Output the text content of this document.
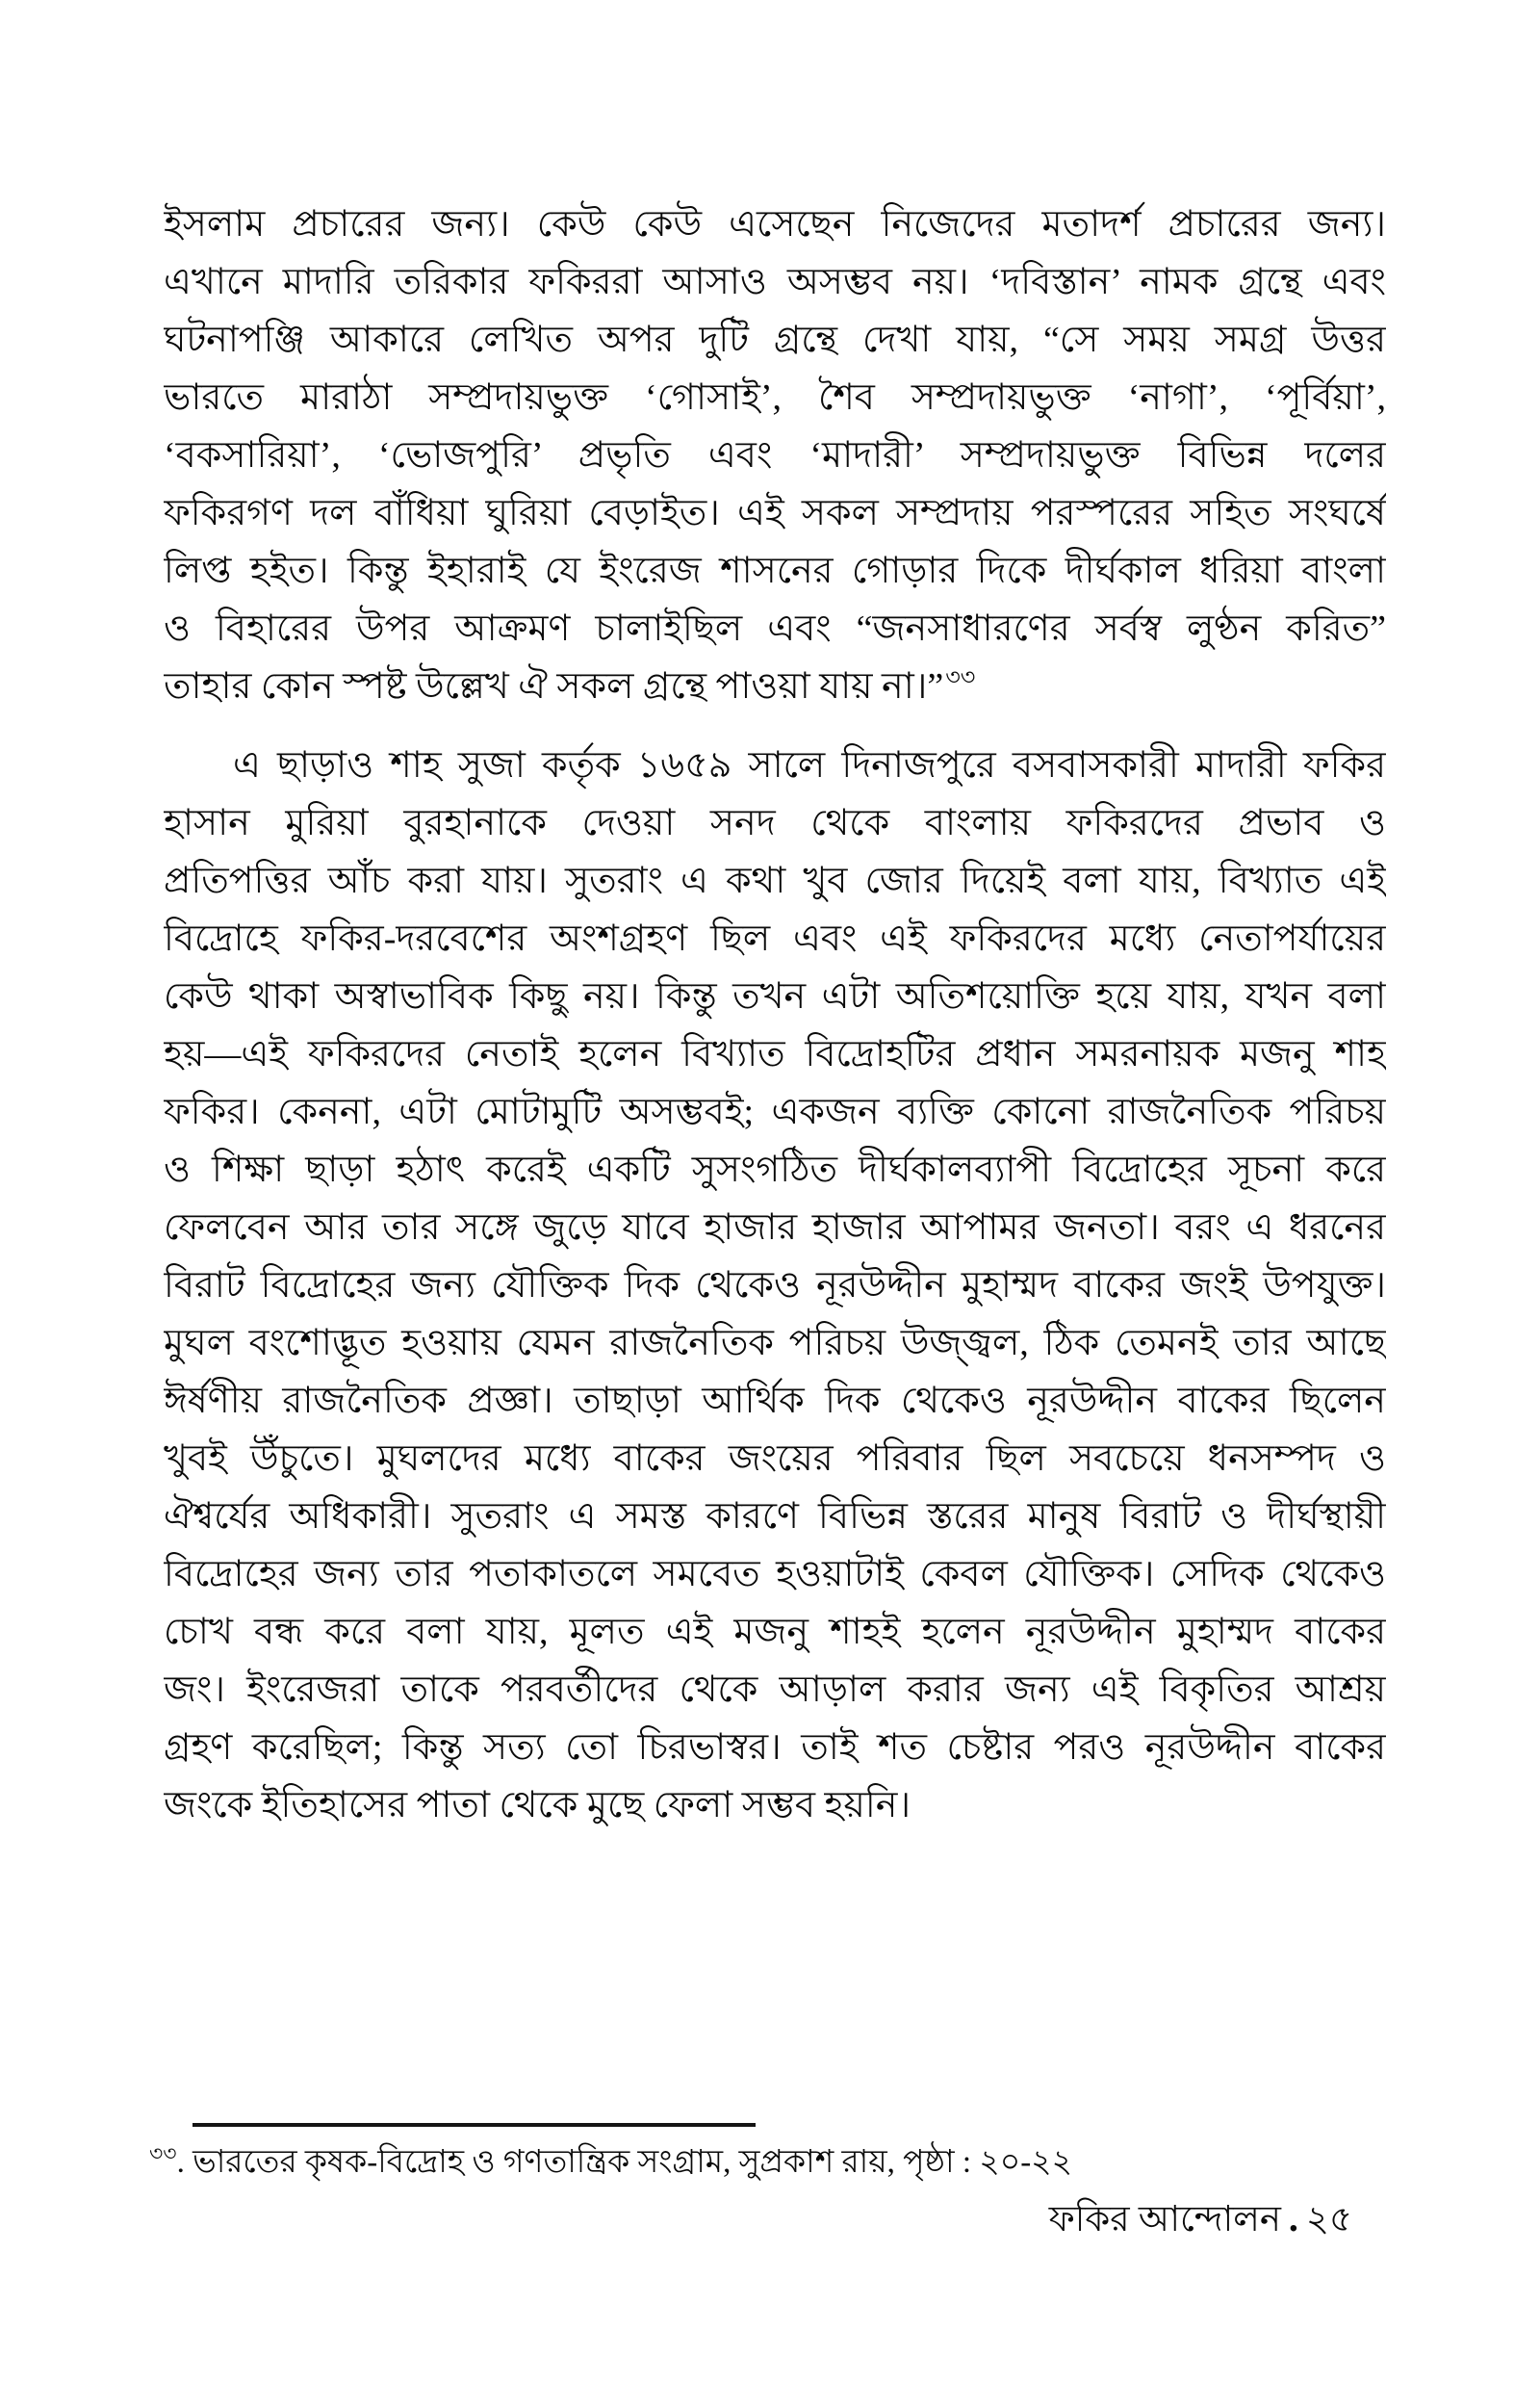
ইসলাম প্রচারের জন্য। কেউ কেউ এসেছেন নিজেদের মতাদর্শ প্রচারের জন্য।
এখানে মাদারি তরিকার ফকিররা আসাও অসম্ভব নয়। ‘দবিস্তান’ নামক গ্রন্থে এবং
ঘটনাপঞ্জি আকারে লেখিত অপর দুটি গ্রন্থে দেখা যায়, “সে সময় সমগ্র উত্তর
ভারতে মারাঠা সম্প্রদায়ভুক্ত ‘গোসাই’, শৈব সম্প্রদায়ভুক্ত ‘নাগা’, ‘পূর্বিয়া’,
‘বকসারিয়া’, ‘ভোজপুরি’ প্রভৃতি এবং ‘মাদারী’ সম্প্রদায়ভুক্ত বিভিন্ন দলের
ফকিরগণ দল বাঁধিয়া ঘুরিয়া বেড়াইত। এই সকল সম্প্রদায় পরস্পরের সহিত সংঘর্ষে
লিপ্ত হইত। কিন্তু ইহারাই যে ইংরেজ শাসনের গোড়ার দিকে দীর্ঘকাল ধরিয়া বাংলা
ও বিহারের উপর আক্রমণ চালাইছিল এবং “জনসাধারণের সর্বস্ব লুণ্ঠন করিত”
তাহার কোন স্পষ্ট উল্লেখ ঐ সকল গ্রন্থে পাওয়া যায় না।”$^{৩৩}$
এ ছাড়াও শাহ সুজা কর্তৃক ১৬৫৯ সালে দিনাজপুরে বসবাসকারী মাদারী ফকির
হাসান মুরিয়া বুরহানাকে দেওয়া সনদ থেকে বাংলায় ফকিরদের প্রভাব ও
প্রতিপত্তির আঁচ করা যায়। সুতরাং এ কথা খুব জোর দিয়েই বলা যায়, বিখ্যাত এই
বিদ্রোহে ফকির-দরবেশের অংশগ্রহণ ছিল এবং এই ফকিরদের মধ্যে নেতাপর্যায়ের
কেউ থাকা অস্বাভাবিক কিছু নয়। কিন্তু তখন এটা অতিশয়োক্তি হয়ে যায়, যখন বলা
হয়—এই ফকিরদের নেতাই হলেন বিখ্যাত বিদ্রোহটির প্রধান সমরনায়ক মজনু শাহ
ফকির। কেননা, এটা মোটামুটি অসম্ভবই; একজন ব্যক্তি কোনো রাজনৈতিক পরিচয়
ও শিক্ষা ছাড়া হঠাৎ করেই একটি সুসংগঠিত দীর্ঘকালব্যাপী বিদ্রোহের সূচনা করে
ফেলবেন আর তার সঙ্গে জুড়ে যাবে হাজার হাজার আপামর জনতা। বরং এ ধরনের
বিরাট বিদ্রোহের জন্য যৌক্তিক দিক থেকেও নূরউদ্দীন মুহাম্মদ বাকের জংই উপযুক্ত।
মুঘল বংশোদ্ভূত হওয়ায় যেমন রাজনৈতিক পরিচয় উজ্জ্বল, ঠিক তেমনই তার আছে
ঈর্ষণীয় রাজনৈতিক প্রজ্ঞা। তাছাড়া আর্থিক দিক থেকেও নূরউদ্দীন বাকের ছিলেন
খুবই উঁচুতে। মুঘলদের মধ্যে বাকের জংয়ের পরিবার ছিল সবচেয়ে ধনসম্পদ ও
ঐশ্বর্যের অধিকারী। সুতরাং এ সমস্ত কারণে বিভিন্ন স্তরের মানুষ বিরাট ও দীর্ঘস্থায়ী
বিদ্রোহের জন্য তার পতাকাতলে সমবেত হওয়াটাই কেবল যৌক্তিক। সেদিক থেকেও
চোখ বন্ধ করে বলা যায়, মূলত এই মজনু শাহই হলেন নূরউদ্দীন মুহাম্মদ বাকের
জং। ইংরেজরা তাকে পরবর্তীদের থেকে আড়াল করার জন্য এই বিকৃতির আশ্রয়
গ্রহণ করেছিল; কিন্তু সত্য তো চিরভাস্বর। তাই শত চেষ্টার পরও নূরউদ্দীন বাকের
জংকে ইতিহাসের পাতা থেকে মুছে ফেলা সম্ভব হয়নি।
$^{৩৩}$. ভারতের কৃষক-বিদ্রোহ ও গণতান্ত্রিক সংগ্রাম, সুপ্রকাশ রায়, পৃষ্ঠা : ২০-২২
ফকির আন্দোলন . ২৫
